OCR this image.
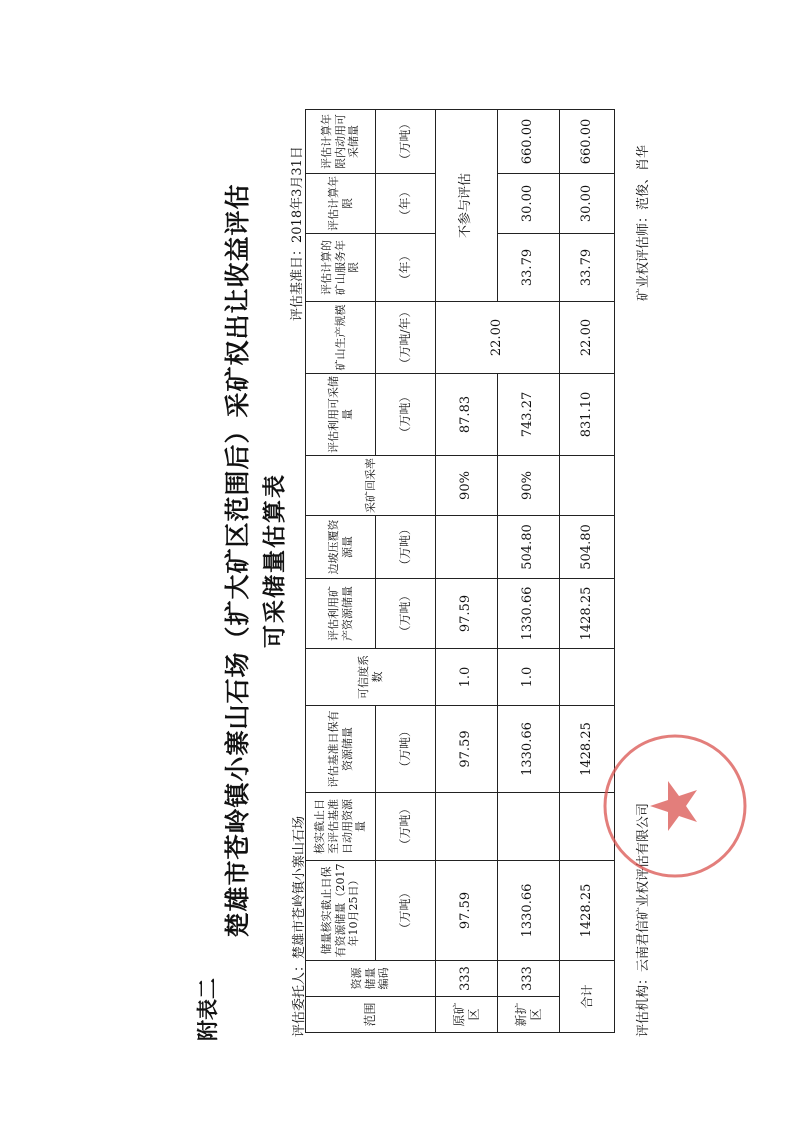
附表二
楚雄市苍岭镇小寨山石场（扩大矿区范围后）采矿权出让收益评估 可采储量估算表
评估委托人：楚雄市苍岭镇小寨山石场
评估基准日：2018年3月31日
范围	资源储量编码	储量核实截止日保有资源储量（2017年10月25日）	核实截止日至评估基准日动用资源量	评估基准日保有资源储量	可信度系数	评估利用矿产资源储量	边坡压覆资源量	采矿回采率	评估利用可采储量	矿山生产规模	评估计算的矿山服务年限	评估计算年限	评估计算年限内动用可采储量
		（万吨）	（万吨）	（万吨）		（万吨）	（万吨）		（万吨）	（万吨/年）	（年）	（年）	（万吨）
原矿区	333	97.59		97.59	1.0	97.59		90%	87.83	22.00	不参与评估		
新扩区	333	1330.66		1330.66	1.0	1330.66	504.80	90%	743.27		33.79	30.00	660.00
合计		1428.25		1428.25		1428.25	504.80		831.10	22.00	33.79	30.00	660.00
评估机构：云南君信矿业权评估有限公司
矿业权评估师：范俊、肖华
